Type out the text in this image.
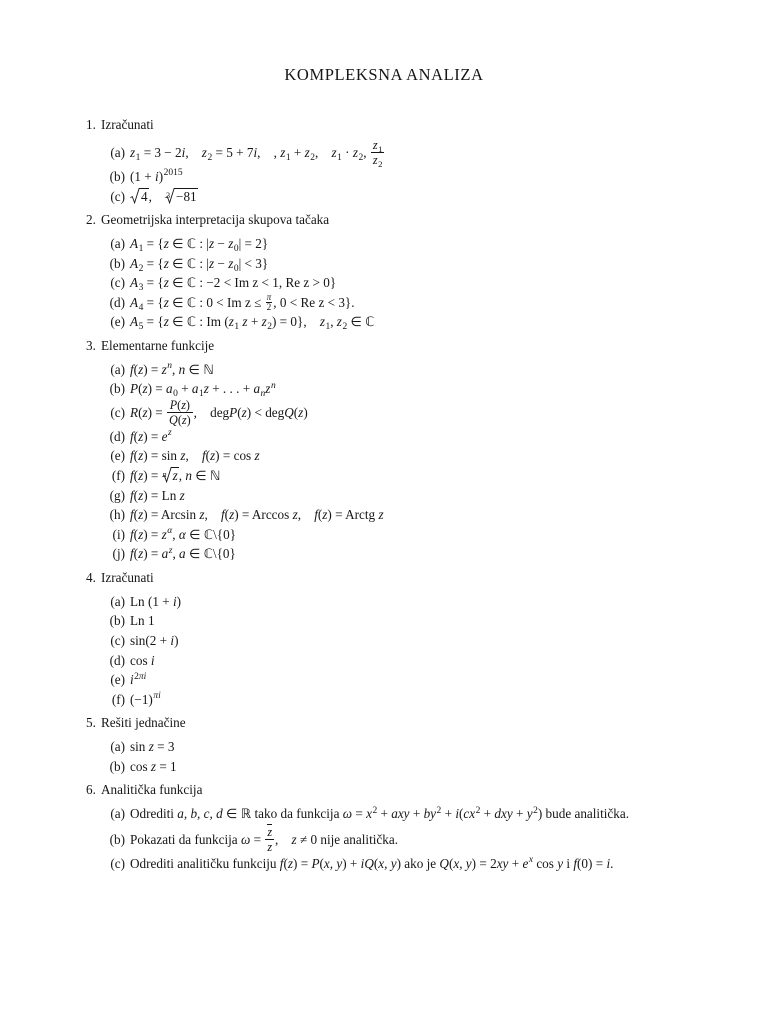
KOMPLEKSNA ANALIZA
1. Izračunati
(a) $z_1 = 3 - 2i$,    $z_2 = 5 + 7i$,    , $z_1 + z_2$,    $z_1 \cdot z_2$, $\frac{z_1}{z_2}$
(b) $(1 + i)^{2015}$
(c) 4,    3 −81
2. Geometrijska interpretacija skupova tačaka
(a) $A_1 = \{z$ ∈ ℂ : $|z - z_0| = 2$}
(b) $A_2 = \{z$ ∈ ℂ : $|z - z_0| < 3$}
(c) $A_3 = \{z$ ∈ ℂ : −2 < Im z < 1, Re z > 0}
(d) $A_4 = \{z$ ∈ ℂ : 0 < Im $z \le \frac{\pi}{2}$ , 0 < Re z < 3}.
(e) $A_5 = \{z$ ∈ ℂ : Im ($z_1$ $z + z_2) = 0$},    $z_1$, $z_2$ ∈ ℂ
3. Elementarne funkcije
(a) $f(z) = z^n$, n ∈ ℕ
(b) $P(z) = a_0 + a_1z$ + . . . + $a_nz^n$
(c) $R(z) = \frac{P(z)}{Q(z)}$ ,    degP(z) < degQ(z)
(d) $f(z) = e^z$
(e) f(z) = sin z,    f(z) = cos z
(f) f(z) = n z, n ∈ ℕ
(g) f(z) = Ln z
(h) f(z) = Arcsin z,    f(z) = Arccos z,    f(z) = Arctg z
(i) $f(z) = z^\alpha$, α ∈ ℂ\{0}
(j) $f(z) = a^z$, a ∈ ℂ\{0}
4. Izračunati
(a) Ln (1 + i)
(b) Ln 1
(c) sin(2 + i)
(d) cos i
(e) $i^{2\pi i}$
(f) $(-1)^{\pi i}$
5. Rešiti jednačine
(a) sin z = 3
(b) cos z = 1
6. Analitička funkcija
(a) Odrediti a, b, c, d ∈ ℝ tako da funkcija $\omega = x^2$ + axy + $by^2 + i(cx^2$ + dxy + $y^2$) bude analitička.
(b) Pokazati da funkcija $\omega = \frac{z}{z}$ ,    z ≠ 0 nije analitička.
(c) Odrediti analitičku funkciju f(z) = P(x, y) + iQ(x, y) ako je Q(x, $y) = 2xy + e^x$ cos y i f(0) = i.
